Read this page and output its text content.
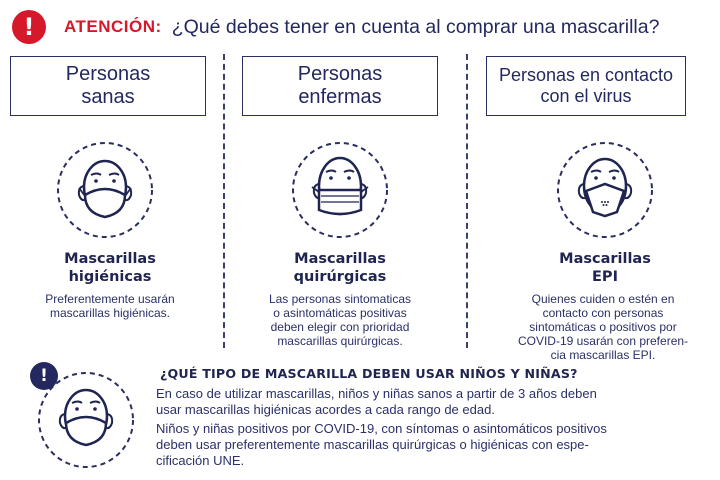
!	ATENCIÓN: ¿Qué debes tener en cuenta al comprar una mascarilla?
Personas
sanas
Personas
enfermas
Personas en contacto
con el virus
Mascarillas
higiénicas
Mascarillas
quirúrgicas
Mascarillas
EPI
Preferentemente usarán
mascarillas higiénicas.
Las personas sintomaticas
o asintomáticas positivas
deben elegir con prioridad
mascarillas quirúrgicas.
Quienes cuiden o estén en
contacto con personas
sintomáticas o positivos por
COVID-19 usarán con preferen-
cia mascarillas EPI.
!	¿QUÉ TIPO DE MASCARILLA DEBEN USAR NIÑOS Y NIÑAS?
En caso de utilizar mascarillas, niños y niñas sanos a partir de 3 años deben
usar mascarillas higiénicas acordes a cada rango de edad.
Niños y niñas positivos por COVID-19, con síntomas o asintomáticos positivos
deben usar preferentemente mascarillas quirúrgicas o higiénicas con espe-
cificación UNE.
